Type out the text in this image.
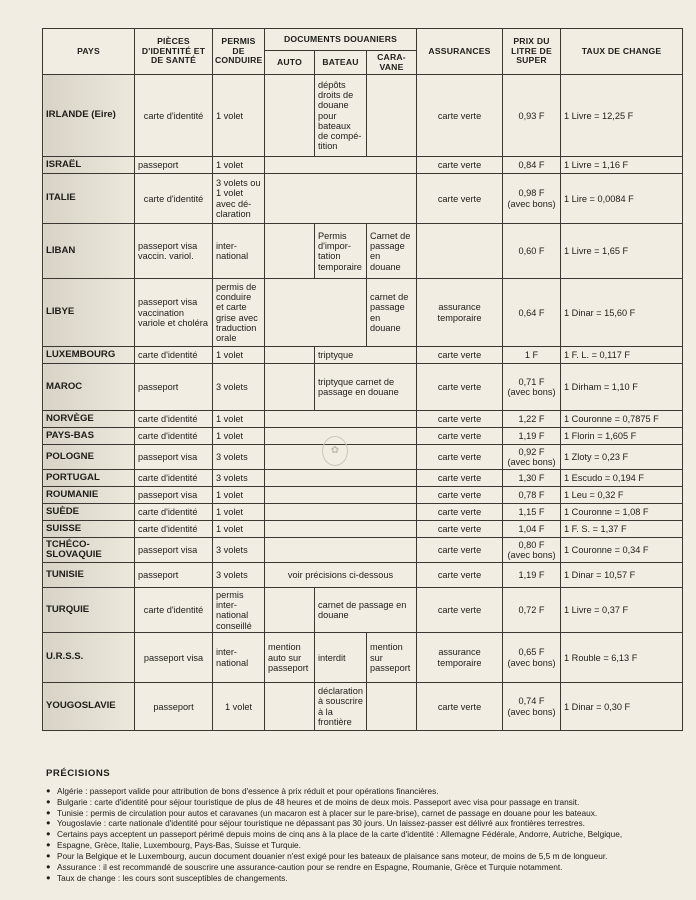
PAYS	PIÈCES D'IDENTITÉ ET DE SANTÉ	PERMIS DE CONDUIRE	DOCUMENTS DOUANIERS			ASSURANCES	PRIX DU LITRE DE SUPER	TAUX DE CHANGE
			AUTO	BATEAU	CARA-VANE			
IRLANDE (Eire)	carte d'identité	1 volet		dépôts droits de douane pour bateaux de compé-tition		carte verte	0,93 F	1 Livre = 12,25 F
ISRAËL	passeport	1 volet				carte verte	0,84 F	1 Livre = 1,16 F
ITALIE	carte d'identité	3 volets ou 1 volet avec dé-claration				carte verte	0,98 F (avec bons)	1 Lire = 0,0084 F
LIBAN	passeport visa vaccin. variol.	inter-national		Permis d'impor-tation temporaire	Carnet de passage en douane		0,60 F	1 Livre = 1,65 F
LIBYE	passeport visa vaccination variole et choléra	permis de conduire et carte grise avec traduction orale			carnet de passage en douane	assurance temporaire	0,64 F	1 Dinar = 15,60 F
LUXEMBOURG	carte d'identité	1 volet		triptyque		carte verte	1 F	1 F. L. = 0,117 F
MAROC	passeport	3 volets		triptyque carnet de passage en douane		carte verte	0,71 F (avec bons)	1 Dirham = 1,10 F
NORVÈGE	carte d'identité	1 volet				carte verte	1,22 F	1 Couronne = 0,7875 F
PAYS-BAS	carte d'identité	1 volet				carte verte	1,19 F	1 Florin = 1,605 F
POLOGNE	passeport visa	3 volets				carte verte	0,92 F (avec bons)	1 Zloty = 0,23 F
PORTUGAL	carte d'identité	3 volets				carte verte	1,30 F	1 Escudo = 0,194 F
ROUMANIE	passeport visa	1 volet				carte verte	0,78 F	1 Leu = 0,32 F
SUÈDE	carte d'identité	1 volet				carte verte	1,15 F	1 Couronne = 1,08 F
SUISSE	carte d'identité	1 volet				carte verte	1,04 F	1 F. S. = 1,37 F
TCHÉCO-SLOVAQUIE	passeport visa	3 volets				carte verte	0,80 F (avec bons)	1 Couronne = 0,34 F
TUNISIE	passeport	3 volets	voir précisions ci-dessous			carte verte	1,19 F	1 Dinar = 10,57 F
TURQUIE	carte d'identité	permis inter-national conseillé		carnet de passage en douane		carte verte	0,72 F	1 Livre = 0,37 F
U.R.S.S.	passeport visa	inter-national	mention auto sur passeport	interdit	mention sur passeport	assurance temporaire	0,65 F (avec bons)	1 Rouble = 6,13 F
YOUGOSLAVIE	passeport	1 volet		déclaration à souscrire à la frontière		carte verte	0,74 F (avec bons)	1 Dinar = 0,30 F
✿
PRÉCISIONS
● Algérie : passeport valide pour attribution de bons d'essence à prix réduit et pour opérations financières.
● Bulgarie : carte d'identité pour séjour touristique de plus de 48 heures et de moins de deux mois. Passeport avec visa pour passage en transit.
● Tunisie : permis de circulation pour autos et caravanes (un macaron est à placer sur le pare-brise), carnet de passage en douane pour les bateaux.
● Yougoslavie : carte nationale d'identité pour séjour touristique ne dépassant pas 30 jours. Un laissez-passer est délivré aux frontières terrestres.
● Certains pays acceptent un passeport périmé depuis moins de cinq ans à la place de la carte d'identité : Allemagne Fédérale, Andorre, Autriche, Belgique,
● Espagne, Grèce, Italie, Luxembourg, Pays-Bas, Suisse et Turquie.
● Pour la Belgique et le Luxembourg, aucun document douanier n'est exigé pour les bateaux de plaisance sans moteur, de moins de 5,5 m de longueur.
● Assurance : il est recommandé de souscrire une assurance-caution pour se rendre en Espagne, Roumanie, Grèce et Turquie notamment.
● Taux de change : les cours sont susceptibles de changements.
